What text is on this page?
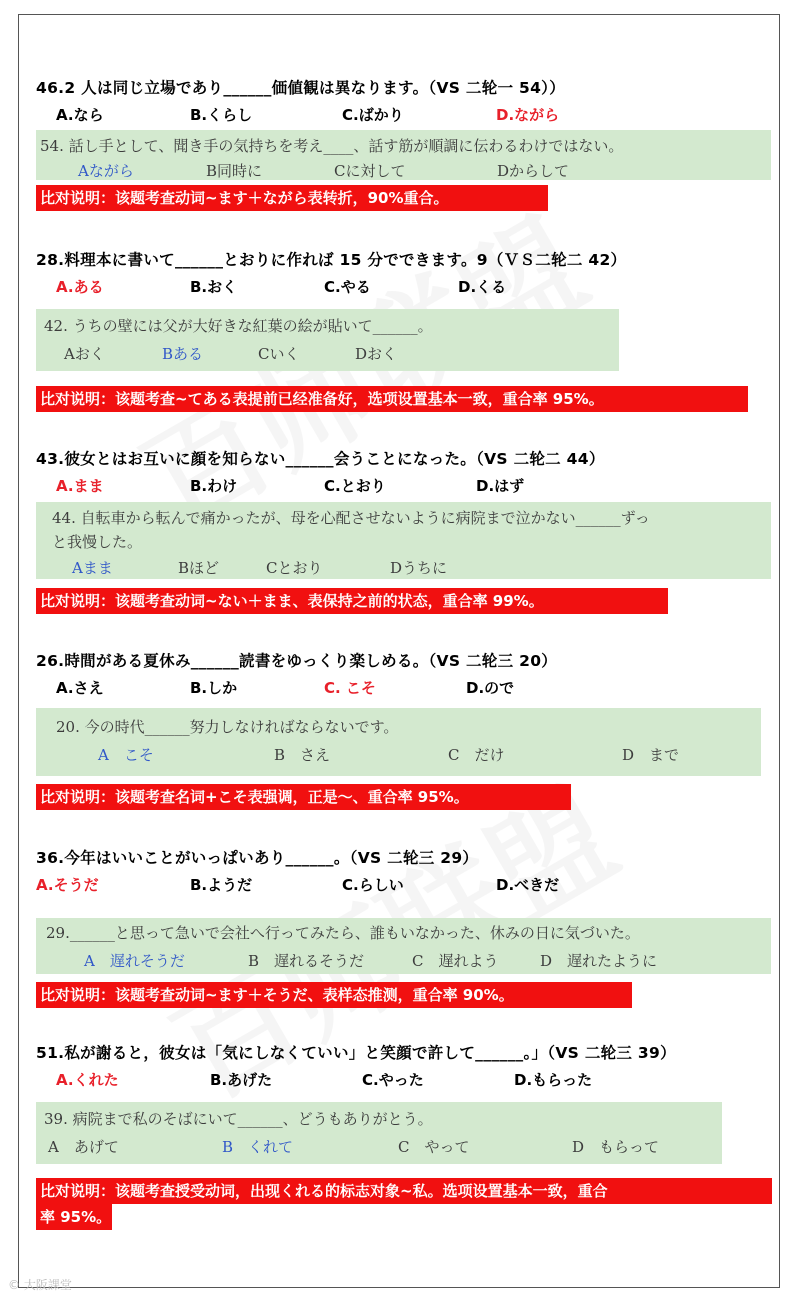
46.2 人は同じ立場であり______価値観は異なります。（VS 二轮一 54））
A.なら	B.くらし	C.ばかり	D.ながら
54. 話し手として、聞き手の気持ちを考え____、話す筋が順調に伝わるわけではない。
Aながら	B同時に	Cに対して	Dからして
比对说明：该题考查动词~ます＋ながら表转折，90%重合。
28.料理本に書いて______とおりに作れば 15 分でできます。9（ＶＳ二轮二 42）
A.ある	B.おく	C.やる	D.くる
42. うちの壁には父が大好きな紅葉の絵が貼いて______。
Aおく	Bある	Cいく	Dおく
比对说明：该题考查~てある表提前已经准备好，选项设置基本一致，重合率 95%。
43.彼女とはお互いに顔を知らない______会うことになった。（VS 二轮二 44）
A.まま	B.わけ	C.とおり	D.はず
44. 自転車から転んで痛かったが、母を心配させないように病院まで泣かない______ずっ
と我慢した。
Aまま	Bほど	Cとおり	Dうちに
比对说明：该题考查动词~ない＋まま、表保持之前的状态，重合率 99%。
26.時間がある夏休み______読書をゆっくり楽しめる。（VS 二轮三 20）
A.さえ	B.しか	C. こそ	D.ので
20. 今の時代______努力しなければならないです。
A　こそ	B　さえ	C　だけ	D　まで
比对说明：该题考查名词+こそ表强调，正是～、重合率 95%。
36.今年はいいことがいっぱいあり______。（VS 二轮三 29）
A.そうだ	B.ようだ	C.らしい	D.べきだ
29.______と思って急いで会社へ行ってみたら、誰もいなかった、休みの日に気づいた。
A　遅れそうだ	B　遅れるそうだ	C　遅れよう	D　遅れたように
比对说明：该题考查动词~ます＋そうだ、表样态推测，重合率 90%。
51.私が謝ると，彼女は「気にしなくていい」と笑顔で許して______。」（VS 二轮三 39）
A.くれた	B.あげた	C.やった	D.もらった
39. 病院まで私のそばにいて______、どうもありがとう。
A　あげて	B　くれて	C　やって	D　もらって
比对说明：该题考查授受动词，出现くれる的标志对象~私。选项设置基本一致，重合
率 95%。
© 大阪課堂
